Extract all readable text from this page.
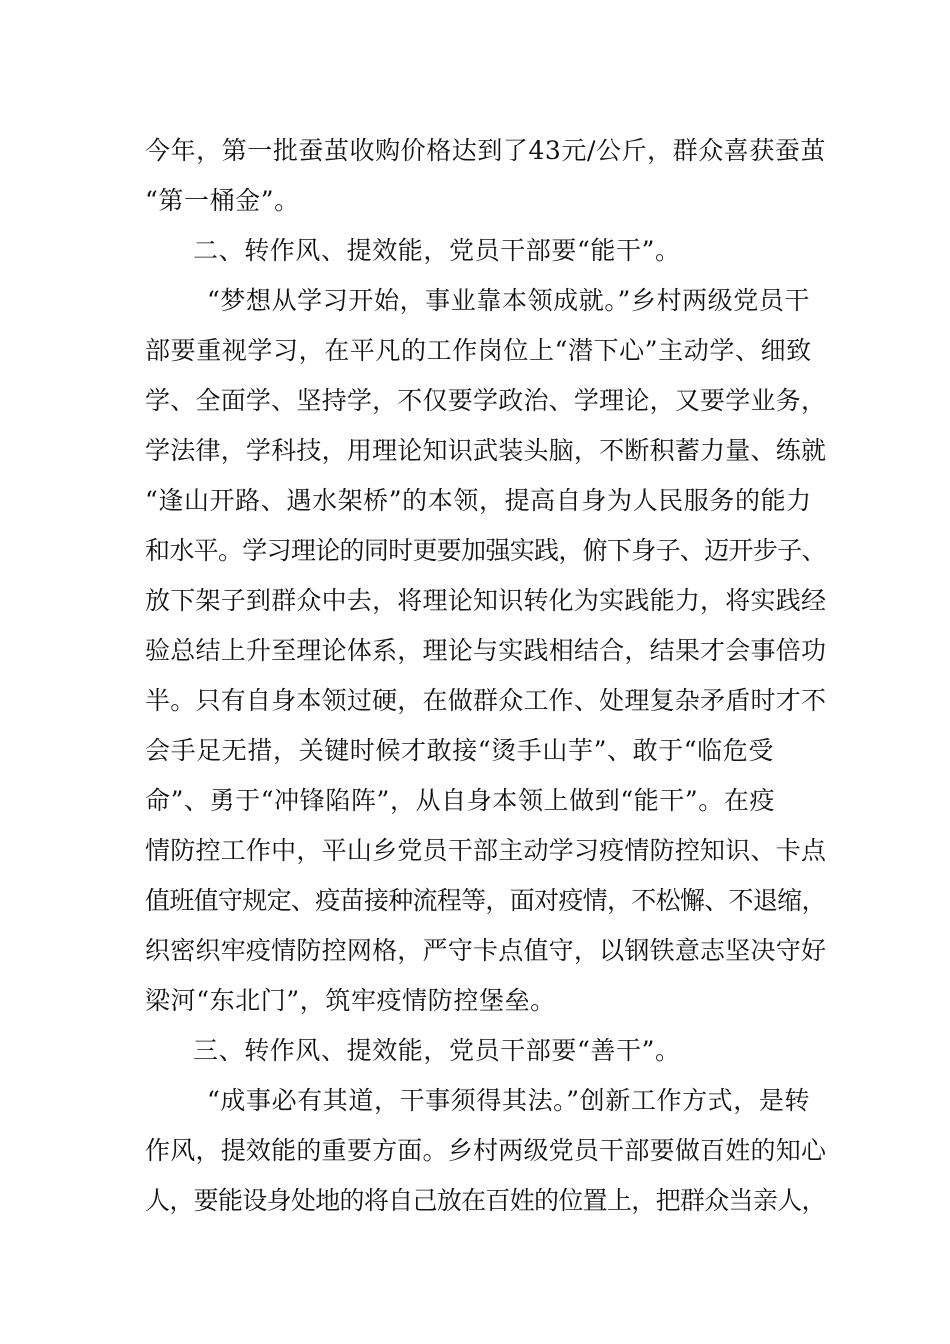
今年，第一批蚕茧收购价格达到了43元/公斤，群众喜获蚕茧
“第一桶金”。
二、转作风、提效能，党员干部要“能干”。
“梦想从学习开始，事业靠本领成就。”乡村两级党员干
部要重视学习，在平凡的工作岗位上“潜下心”主动学、细致
学、全面学、坚持学，不仅要学政治、学理论，又要学业务，
学法律，学科技，用理论知识武装头脑，不断积蓄力量、练就
“逢山开路、遇水架桥”的本领，提高自身为人民服务的能力
和水平。学习理论的同时更要加强实践，俯下身子、迈开步子、
放下架子到群众中去，将理论知识转化为实践能力，将实践经
验总结上升至理论体系，理论与实践相结合，结果才会事倍功
半。只有自身本领过硬，在做群众工作、处理复杂矛盾时才不
会手足无措，关键时候才敢接“烫手山芋”、敢于“临危受
命”、勇于“冲锋陷阵”，从自身本领上做到“能干”。在疫
情防控工作中，平山乡党员干部主动学习疫情防控知识、卡点
值班值守规定、疫苗接种流程等，面对疫情，不松懈、不退缩，
织密织牢疫情防控网格，严守卡点值守，以钢铁意志坚决守好
梁河“东北门”，筑牢疫情防控堡垒。
三、转作风、提效能，党员干部要“善干”。
“成事必有其道，干事须得其法。”创新工作方式，是转
作风，提效能的重要方面。乡村两级党员干部要做百姓的知心
人，要能设身处地的将自己放在百姓的位置上，把群众当亲人，
